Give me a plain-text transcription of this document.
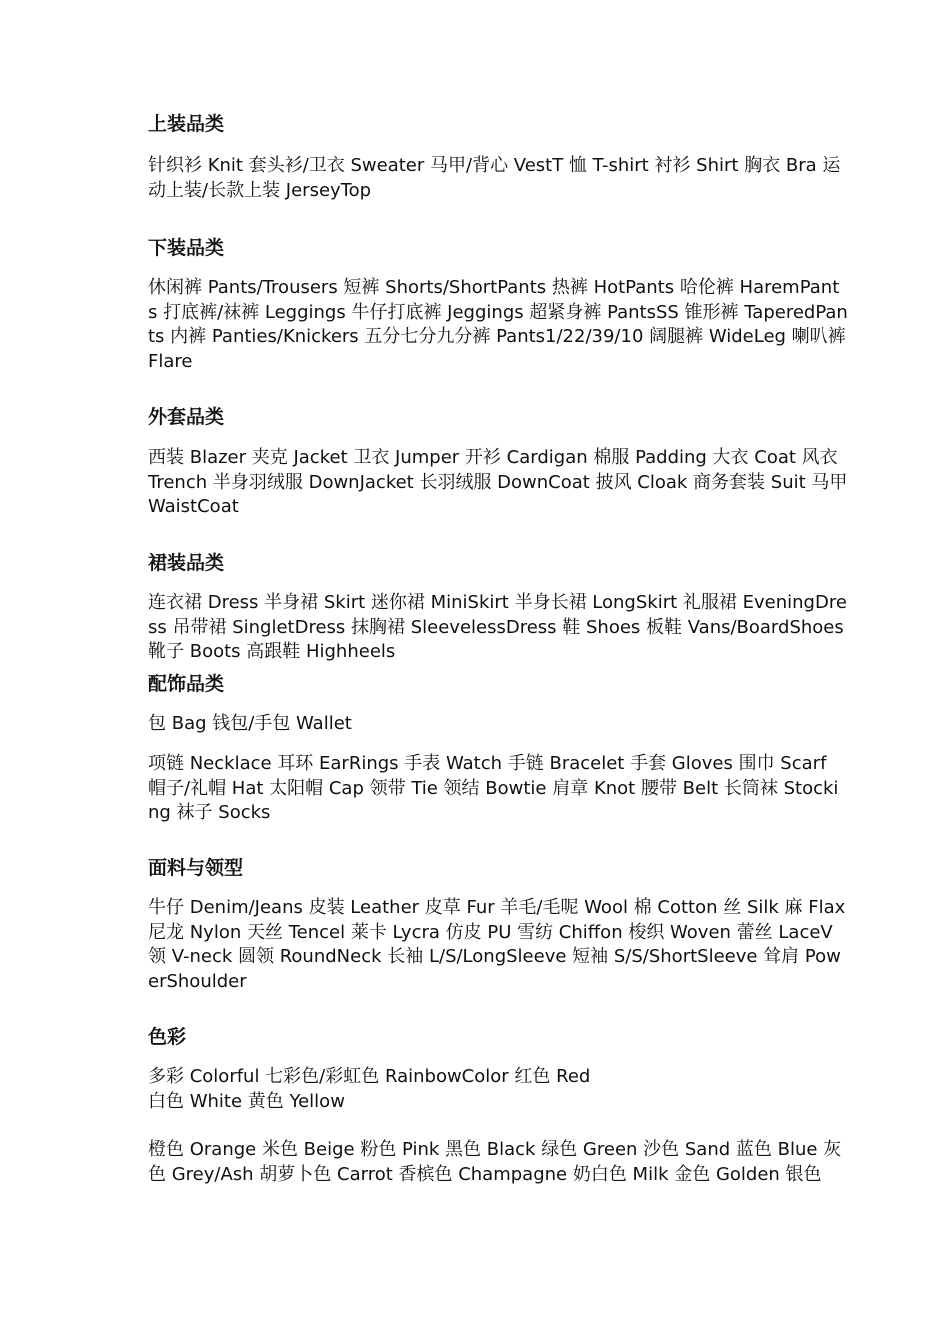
上装品类

针织衫 Knit 套头衫/卫衣 Sweater 马甲/背心 VestT 恤 T-shirt 衬衫 Shirt 胸衣 Bra 运动上装/长款上装 JerseyTop

下装品类

休闲裤 Pants/Trousers 短裤 Shorts/ShortPants 热裤 HotPants 哈伦裤 HaremPants 打底裤/袜裤 Leggings 牛仔打底裤 Jeggings 超紧身裤 PantsSS 锥形裤 TaperedPants 内裤 Panties/Knickers 五分七分九分裤 Pants1/22/39/10 阔腿裤 WideLeg 喇叭裤 Flare

外套品类

西装 Blazer 夹克 Jacket 卫衣 Jumper 开衫 Cardigan 棉服 Padding 大衣 Coat 风衣 Trench 半身羽绒服 DownJacket 长羽绒服 DownCoat 披风 Cloak 商务套装 Suit 马甲 WaistCoat

裙装品类

连衣裙 Dress 半身裙 Skirt 迷你裙 MiniSkirt 半身长裙 LongSkirt 礼服裙 EveningDress 吊带裙 SingletDress 抹胸裙 SleevelessDress 鞋 Shoes 板鞋 Vans/BoardShoes 靴子 Boots 高跟鞋 Highheels

配饰品类

包 Bag 钱包/手包 Wallet

项链 Necklace 耳环 EarRings 手表 Watch 手链 Bracelet 手套 Gloves 围巾 Scarf 帽子/礼帽 Hat 太阳帽 Cap 领带 Tie 领结 Bowtie 肩章 Knot 腰带 Belt 长筒袜 Stocking 袜子 Socks

面料与领型

牛仔 Denim/Jeans 皮装 Leather 皮草 Fur 羊毛/毛呢 Wool 棉 Cotton 丝 Silk 麻 Flax 尼龙 Nylon 天丝 Tencel 莱卡 Lycra 仿皮 PU 雪纺 Chiffon 梭织 Woven 蕾丝 LaceV 领 V-neck 圆领 RoundNeck 长袖 L/S/LongSleeve 短袖 S/S/ShortSleeve 耸肩 PowerShoulder

色彩

多彩 Colorful 七彩色/彩虹色 RainbowColor 红色 Red

白色 White 黄色 Yellow

橙色 Orange 米色 Beige 粉色 Pink 黑色 Black 绿色 Green 沙色 Sand 蓝色 Blue 灰色 Grey/Ash 胡萝卜色 Carrot 香槟色 Champagne 奶白色 Milk 金色 Golden 银色
